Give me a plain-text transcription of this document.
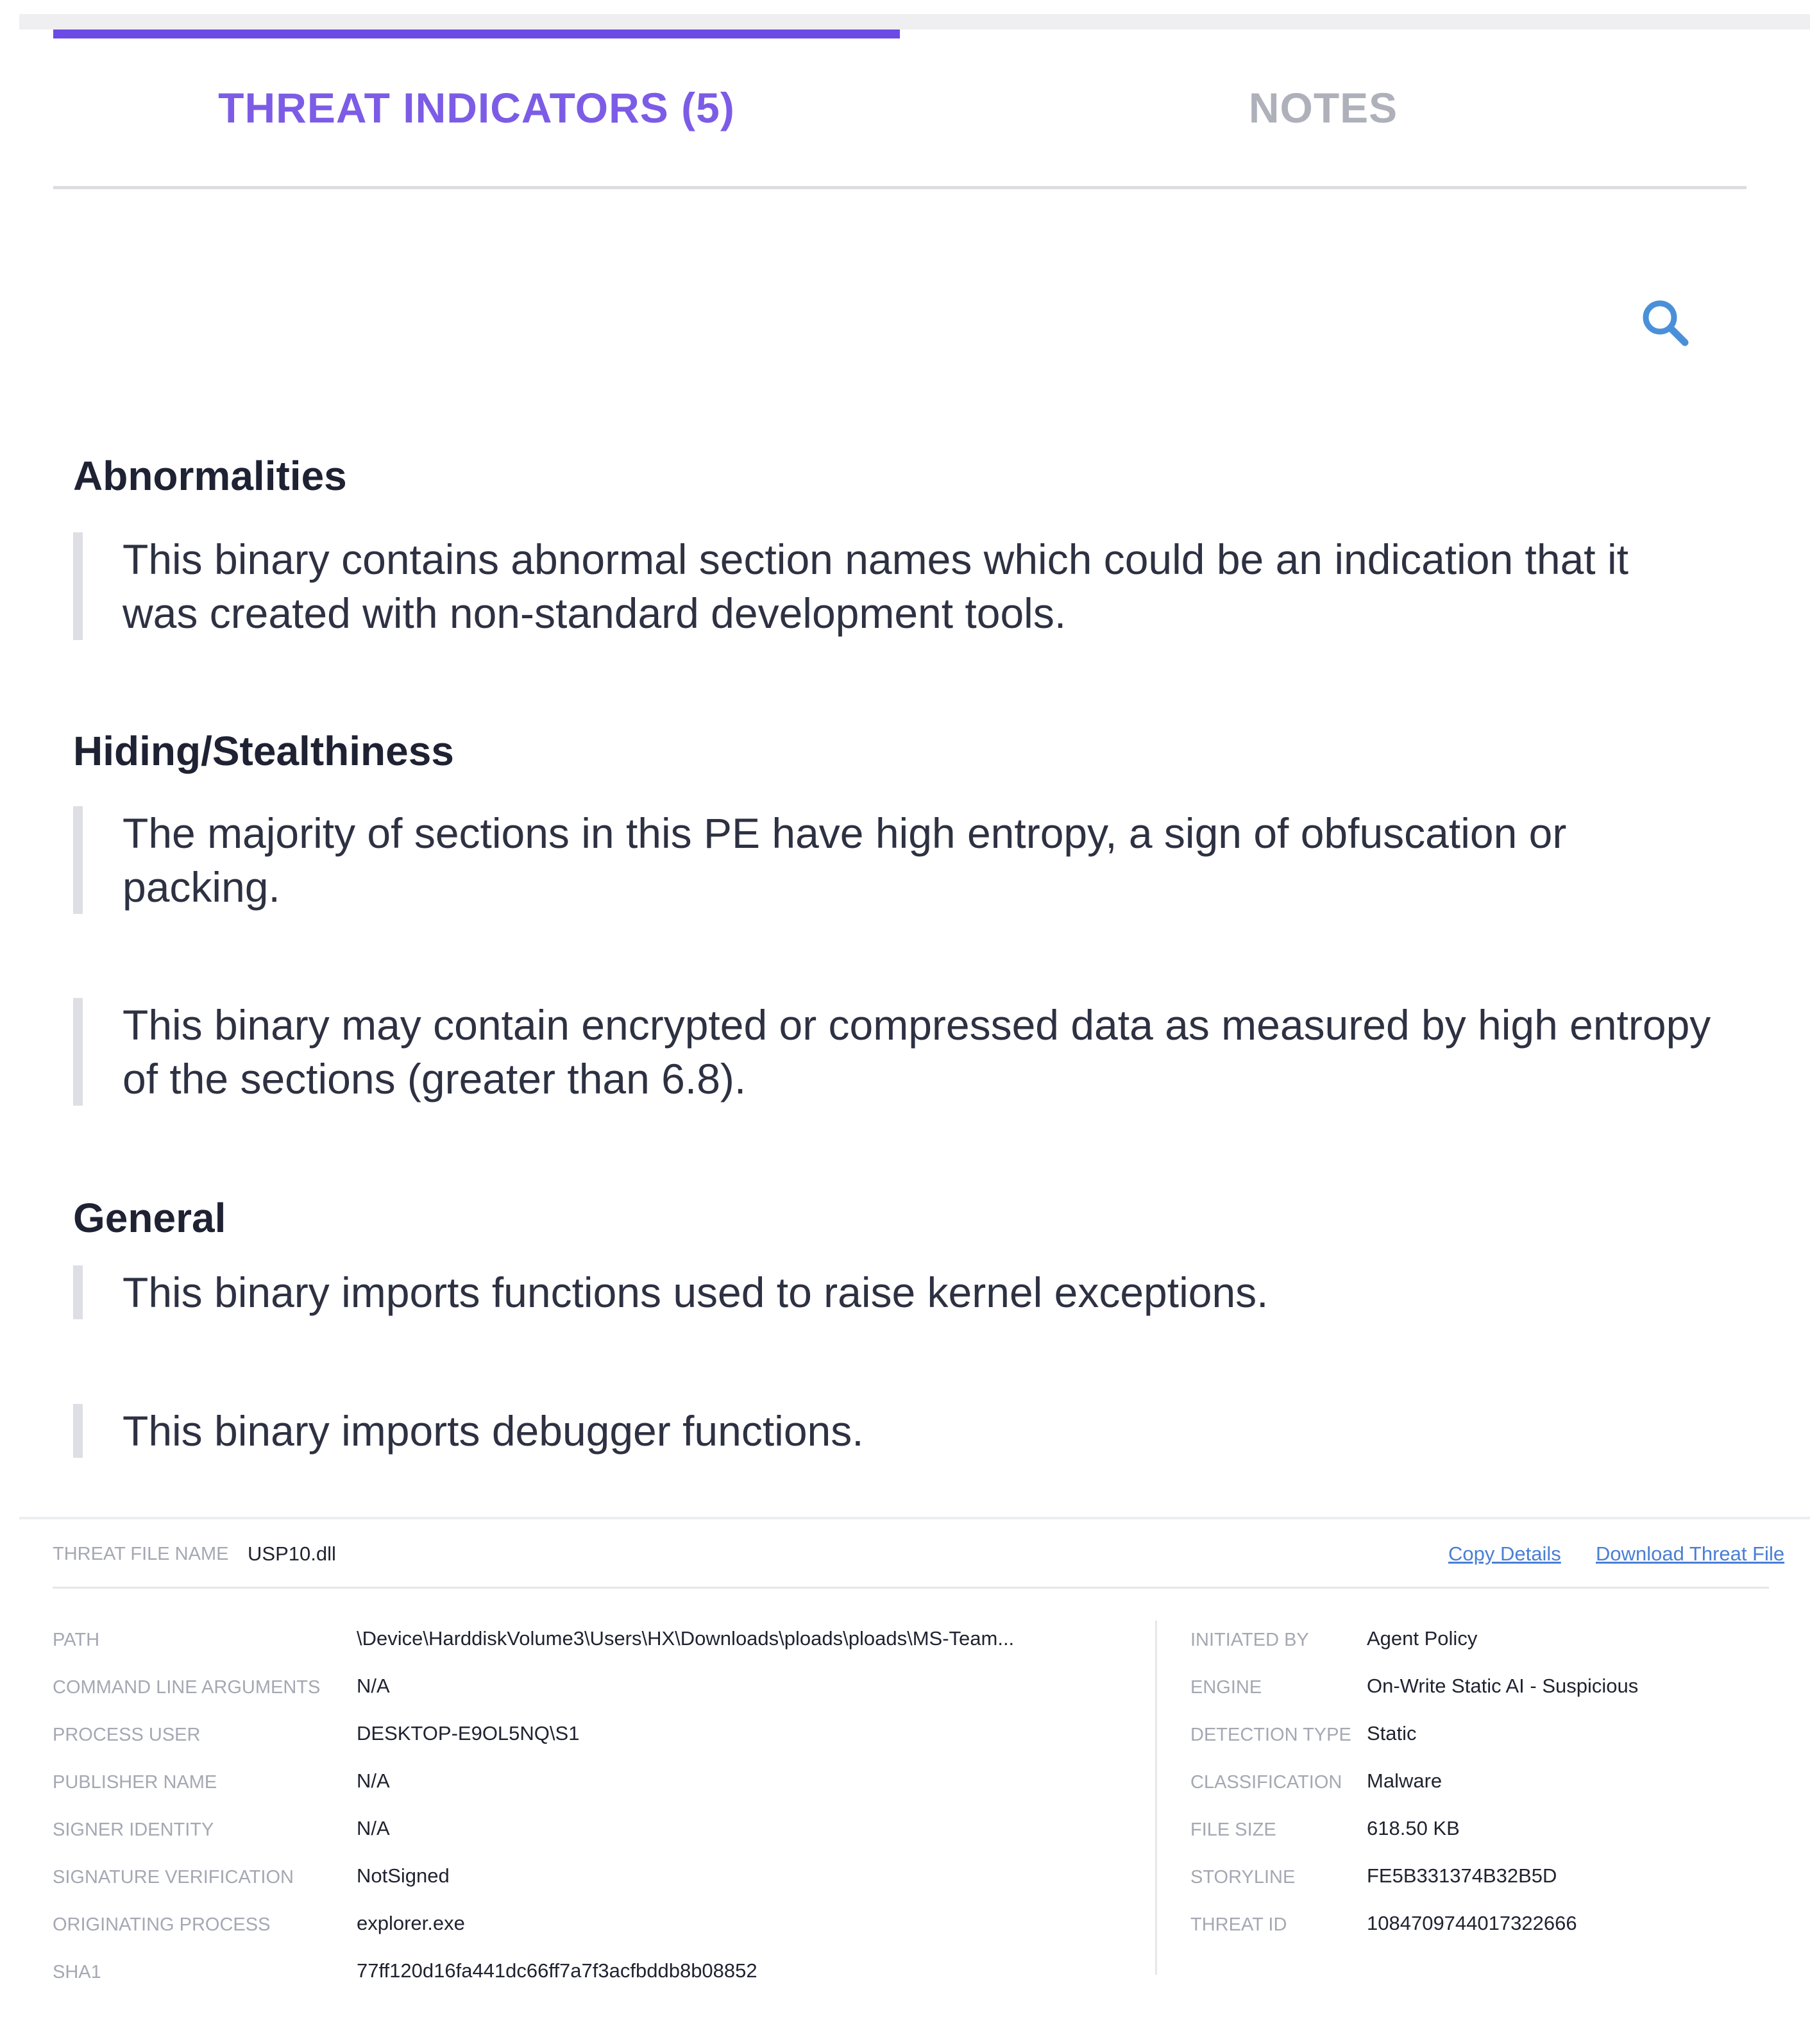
THREAT INDICATORS (5)	NOTES
Abnormalities
This binary contains abnormal section names which could be an indication that it was created with non-standard development tools.
Hiding/Stealthiness
The majority of sections in this PE have high entropy, a sign of obfuscation or packing.
This binary may contain encrypted or compressed data as measured by high entropy of the sections (greater than 6.8).
General
This binary imports functions used to raise kernel exceptions.
This binary imports debugger functions.
THREAT FILE NAME USP10.dll	Copy Details Download Threat File
PATH	\Device\HarddiskVolume3\Users\HX\Downloads\ploads\ploads\MS-Team...
COMMAND LINE ARGUMENTS N/A
PROCESS USER	DESKTOP-E9OL5NQ\S1
PUBLISHER NAME	N/A
SIGNER IDENTITY	N/A
SIGNATURE VERIFICATION	NotSigned
ORIGINATING PROCESS	explorer.exe
SHA1	77ff120d16fa441dc66ff7a7f3acfbddb8b08852
INITIATED BY	Agent Policy
ENGINE	On-Write Static AI - Suspicious
DETECTION TYPE Static
CLASSIFICATION Malware
FILE SIZE	618.50 KB
STORYLINE	FE5B331374B32B5D
THREAT ID	1084709744017322666
